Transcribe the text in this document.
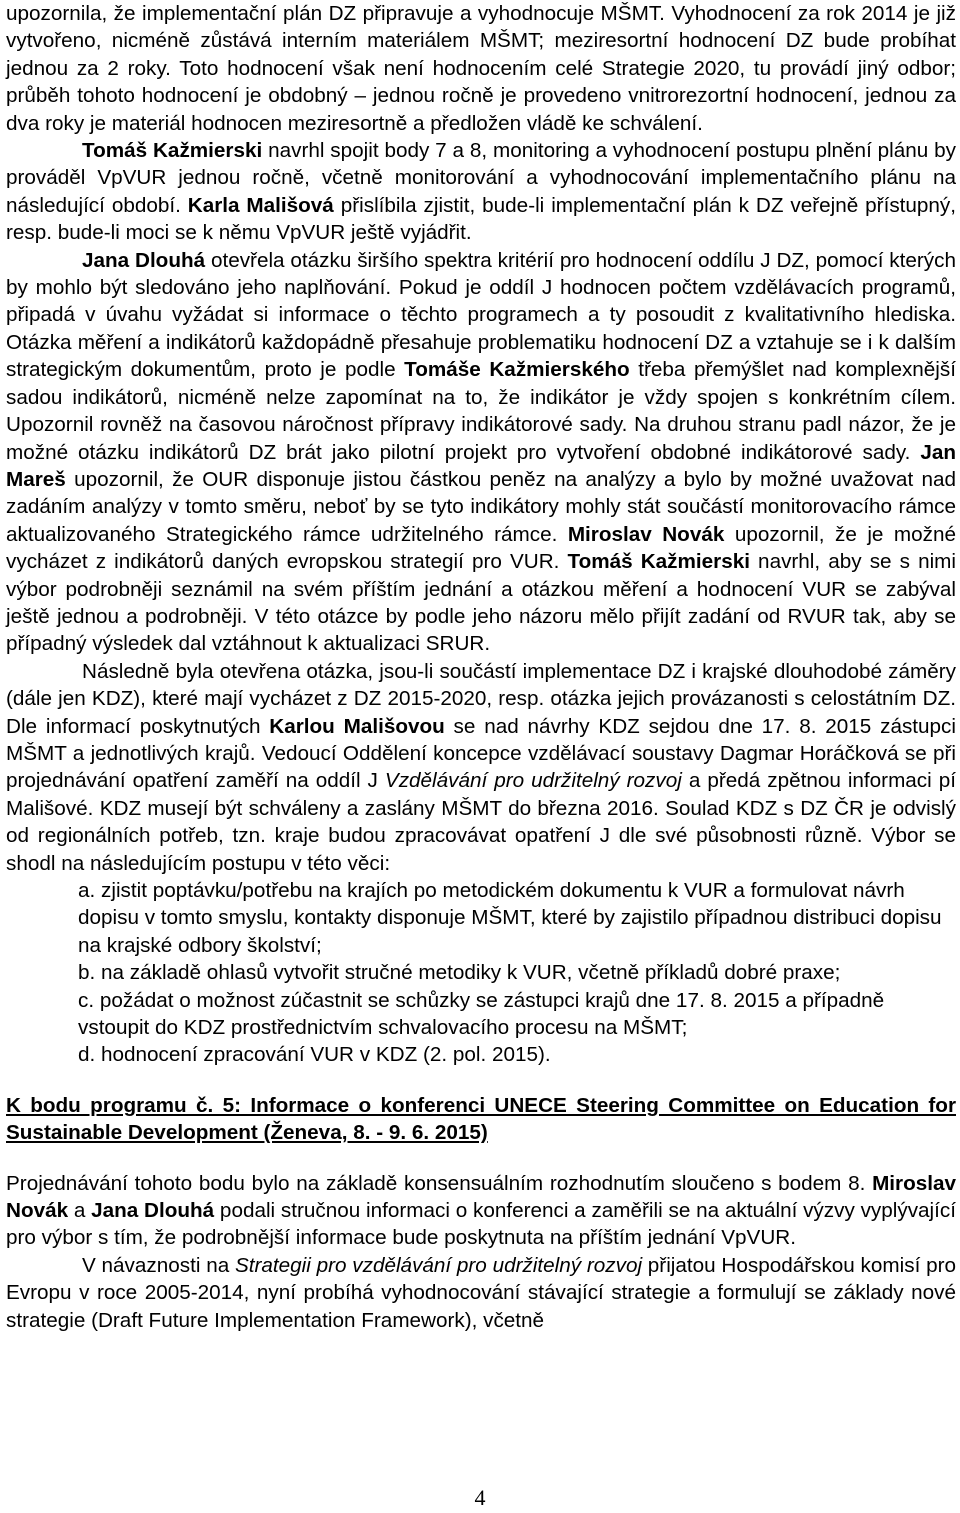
upozornila, že implementační plán DZ připravuje a vyhodnocuje MŠMT. Vyhodnocení za rok 2014 je již vytvořeno, nicméně zůstává interním materiálem MŠMT; meziresortní hodnocení DZ bude probíhat jednou za 2 roky. Toto hodnocení však není hodnocením celé Strategie 2020, tu provádí jiný odbor; průběh tohoto hodnocení je obdobný – jednou ročně je provedeno vnitrorezortní hodnocení, jednou za dva roky je materiál hodnocen meziresortně a předložen vládě ke schválení.

Tomáš Kažmierski navrhl spojit body 7 a 8, monitoring a vyhodnocení postupu plnění plánu by prováděl VpVUR jednou ročně, včetně monitorování a vyhodnocování implementačního plánu na následující období. Karla Mališová přislíbila zjistit, bude-li implementační plán k DZ veřejně přístupný, resp. bude-li moci se k němu VpVUR ještě vyjádřit.

Jana Dlouhá otevřela otázku širšího spektra kritérií pro hodnocení oddílu J DZ, pomocí kterých by mohlo být sledováno jeho naplňování. Pokud je oddíl J hodnocen počtem vzdělávacích programů, připadá v úvahu vyžádat si informace o těchto programech a ty posoudit z kvalitativního hlediska. Otázka měření a indikátorů každopádně přesahuje problematiku hodnocení DZ a vztahuje se i k dalším strategickým dokumentům, proto je podle Tomáše Kažmierského třeba přemýšlet nad komplexnější sadou indikátorů, nicméně nelze zapomínat na to, že indikátor je vždy spojen s konkrétním cílem. Upozornil rovněž na časovou náročnost přípravy indikátorové sady. Na druhou stranu padl názor, že je možné otázku indikátorů DZ brát jako pilotní projekt pro vytvoření obdobné indikátorové sady. Jan Mareš upozornil, že OUR disponuje jistou částkou peněz na analýzy a bylo by možné uvažovat nad zadáním analýzy v tomto směru, neboť by se tyto indikátory mohly stát součástí monitorovacího rámce aktualizovaného Strategického rámce udržitelného rámce. Miroslav Novák upozornil, že je možné vycházet z indikátorů daných evropskou strategií pro VUR. Tomáš Kažmierski navrhl, aby se s nimi výbor podrobněji seznámil na svém příštím jednání a otázkou měření a hodnocení VUR se zabýval ještě jednou a podrobněji. V této otázce by podle jeho názoru mělo přijít zadání od RVUR tak, aby se případný výsledek dal vztáhnout k aktualizaci SRUR.

Následně byla otevřena otázka, jsou-li součástí implementace DZ i krajské dlouhodobé záměry (dále jen KDZ), které mají vycházet z DZ 2015-2020, resp. otázka jejich provázanosti s celostátním DZ. Dle informací poskytnutých Karlou Mališovou se nad návrhy KDZ sejdou dne 17. 8. 2015 zástupci MŠMT a jednotlivých krajů. Vedoucí Oddělení koncepce vzdělávací soustavy Dagmar Horáčková se při projednávání opatření zaměří na oddíl J Vzdělávání pro udržitelný rozvoj a předá zpětnou informaci pí Mališové. KDZ musejí být schváleny a zaslány MŠMT do března 2016. Soulad KDZ s DZ ČR je odvislý od regionálních potřeb, tzn. kraje budou zpracovávat opatření J dle své působnosti různě. Výbor se shodl na následujícím postupu v této věci:

a. zjistit poptávku/potřebu na krajích po metodickém dokumentu k VUR a formulovat návrh dopisu v tomto smyslu, kontakty disponuje MŠMT, které by zajistilo případnou distribuci dopisu na krajské odbory školství;
b. na základě ohlasů vytvořit stručné metodiky k VUR, včetně příkladů dobré praxe;
c. požádat o možnost zúčastnit se schůzky se zástupci krajů dne 17. 8. 2015 a případně vstoupit do KDZ prostřednictvím schvalovacího procesu na MŠMT;
d. hodnocení zpracování VUR v KDZ (2. pol. 2015).

K bodu programu č. 5: Informace o konferenci UNECE Steering Committee on Education for Sustainable Development (Ženeva, 8. - 9. 6. 2015)

Projednávání tohoto bodu bylo na základě konsensuálním rozhodnutím sloučeno s bodem 8. Miroslav Novák a Jana Dlouhá podali stručnou informaci o konferenci a zaměřili se na aktuální výzvy vyplývající pro výbor s tím, že podrobnější informace bude poskytnuta na příštím jednání VpVUR.

V návaznosti na Strategii pro vzdělávání pro udržitelný rozvoj přijatou Hospodářskou komisí pro Evropu v roce 2005-2014, nyní probíhá vyhodnocování stávající strategie a formulují se základy nové strategie (Draft Future Implementation Framework), včetně

4
